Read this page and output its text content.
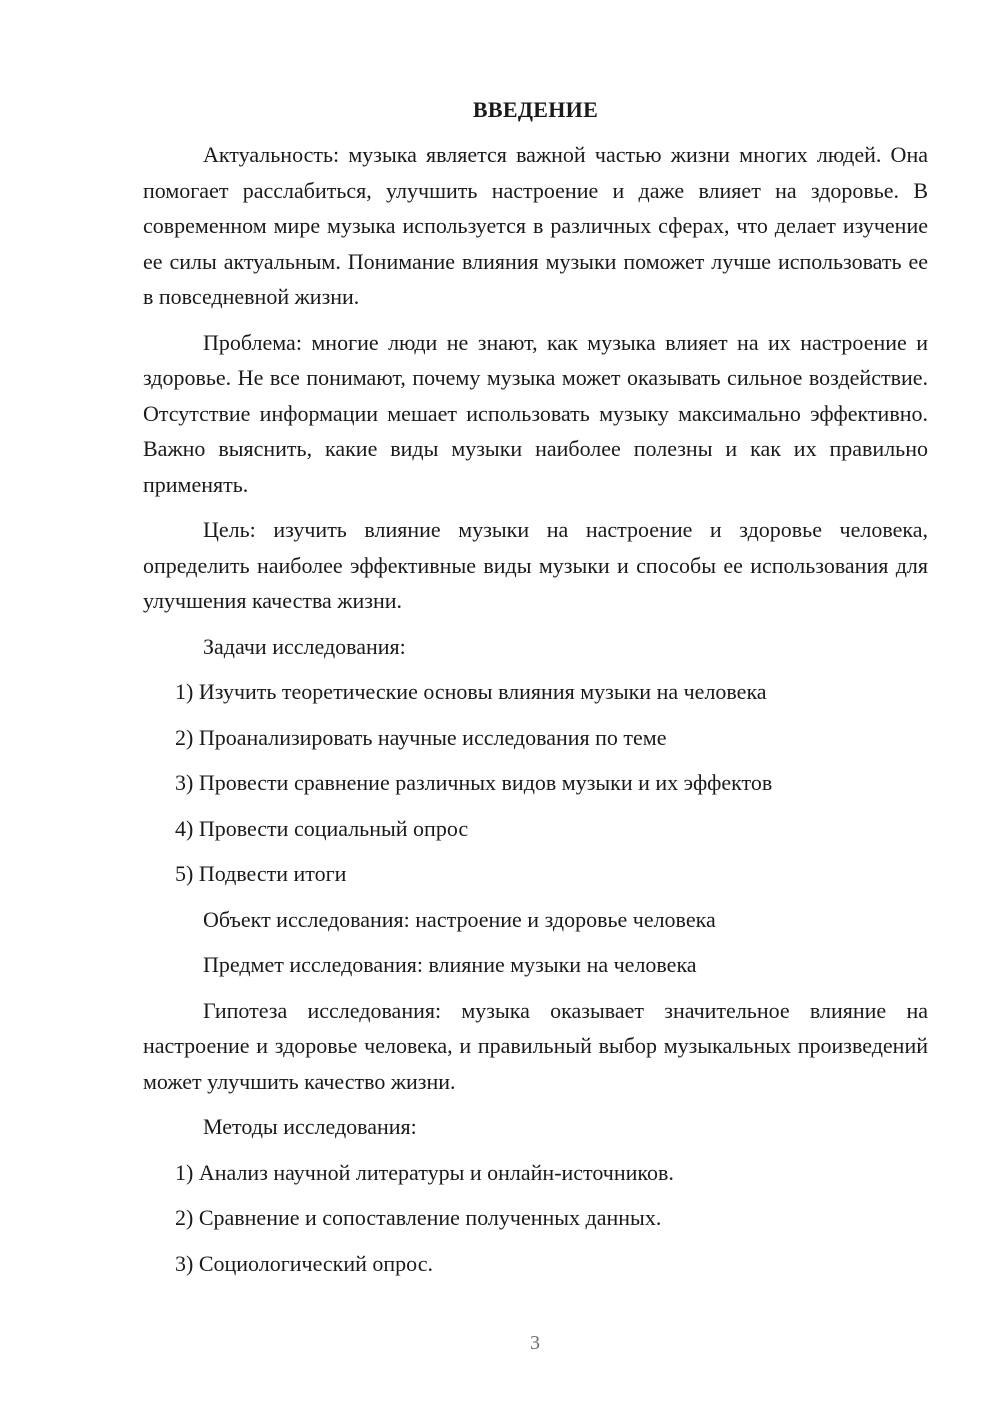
ВВЕДЕНИЕ

Актуальность: музыка является важной частью жизни многих людей. Она помогает расслабиться, улучшить настроение и даже влияет на здоровье. В современном мире музыка используется в различных сферах, что делает изучение ее силы актуальным. Понимание влияния музыки поможет лучше использовать ее в повседневной жизни.

Проблема: многие люди не знают, как музыка влияет на их настроение и здоровье. Не все понимают, почему музыка может оказывать сильное воздействие. Отсутствие информации мешает использовать музыку максимально эффективно. Важно выяснить, какие виды музыки наиболее полезны и как их правильно применять.

Цель: изучить влияние музыки на настроение и здоровье человека, определить наиболее эффективные виды музыки и способы ее использования для улучшения качества жизни.

Задачи исследования:
1) Изучить теоретические основы влияния музыки на человека
2) Проанализировать научные исследования по теме
3) Провести сравнение различных видов музыки и их эффектов
4) Провести социальный опрос
5) Подвести итоги
Объект исследования: настроение и здоровье человека
Предмет исследования: влияние музыки на человека

Гипотеза исследования: музыка оказывает значительное влияние на настроение и здоровье человека, и правильный выбор музыкальных произведений может улучшить качество жизни.

Методы исследования:
1) Анализ научной литературы и онлайн-источников.
2) Сравнение и сопоставление полученных данных.
3) Социологический опрос.
3
